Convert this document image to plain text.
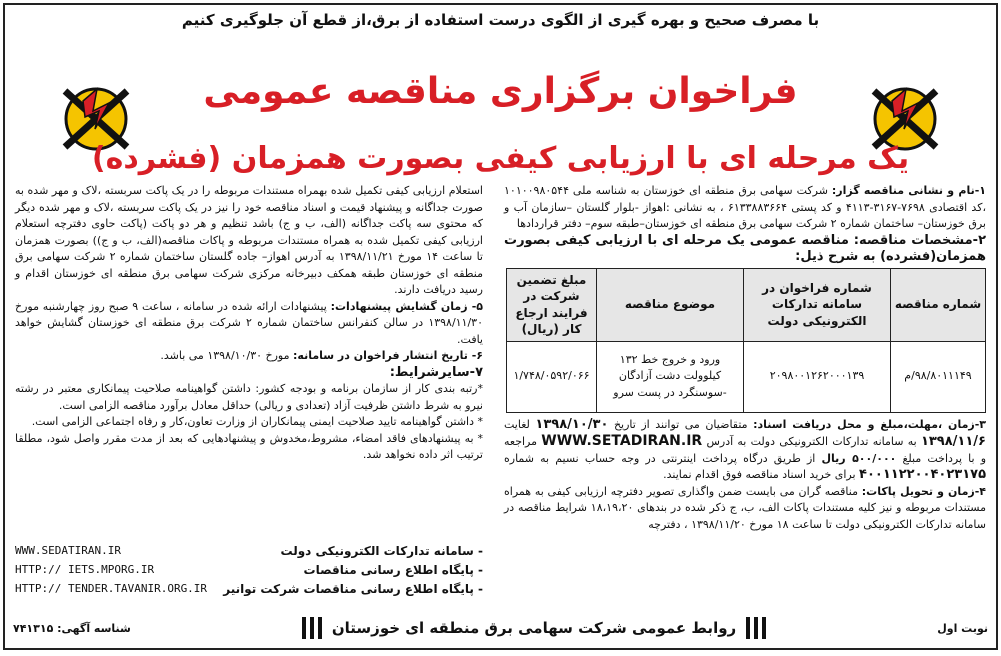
با مصرف صحیح و بهره گیری از الگوی درست استفاده از برق،از قطع آن جلوگیری کنیم
فراخوان برگزاری مناقصه عمومی
یک مرحله ای با ارزیابی کیفی بصورت همزمان (فشرده)

۱-نام و نشانی مناقصه گزار: شرکت سهامی برق منطقه ای خوزستان به شناسه ملی ۱۰۱۰۰۹۸۰۵۴۴ ،کد اقتصادی ۷۶۹۸-۳۱۶۷-۴۱۱۳ و کد پستی ۶۱۳۳۸۸۳۶۶۴ ، به نشانی :اهواز -بلوار گلستان –سازمان آب و برق خوزستان– ساختمان شماره ۲ شرکت سهامی برق منطقه ای خوزستان–طبقه سوم– دفتر قراردادها

۲-مشخصات مناقصه: مناقصه عمومی یک مرحله ای با ارزیابی کیفی بصورت همزمان(فشرده) به شرح ذیل:

شماره مناقصه	شماره فراخوان در سامانه تدارکات الکترونیکی دولت	موضوع مناقصه	مبلغ تضمین شرکت در فرایند ارجاع کار (ریال)
۹۸/۸۰۱۱۱۴۹/م	۲۰۹۸۰۰۱۲۶۲۰۰۰۱۳۹	ورود و خروج خط ۱۳۲ کیلوولت دشت آزادگان -سوسنگرد در پست سرو	۱/۷۴۸/۰۵۹۲/۰۶۶

۳-زمان ،مهلت،مبلغ و محل دریافت اسناد: متقاضیان می توانند از تاریخ ۱۳۹۸/۱۰/۳۰ لغایت ۱۳۹۸/۱۱/۶ به سامانه تدارکات الکترونیکی دولت به آدرس WWW.SETADIRAN.IR مراجعه و با پرداخت مبلغ ۵۰۰/۰۰۰ ریال از طریق درگاه پرداخت اینترنتی در وجه حساب نسیم به شماره ۴۰۰۱۱۲۲۰۰۴۰۲۳۱۷۵ برای خرید اسناد مناقصه فوق اقدام نمایند.

۴-زمان و تحویل پاکات: مناقصه گران می بایست ضمن واگذاری تصویر دفترچه ارزیابی کیفی به همراه مستندات مربوطه و نیز کلیه مستندات پاکات الف، ب، ج ذکر شده در بندهای ۱۸،۱۹،۲۰ شرایط مناقصه در سامانه تدارکات الکترونیکی دولت تا ساعت ۱۸ مورخ ۱۳۹۸/۱۱/۲۰ ، دفترچه

استعلام ارزیابی کیفی تکمیل شده بهمراه مستندات مربوطه را در یک پاکت سربسته ،لاک و مهر شده به صورت جداگانه و پیشنهاد قیمت و اسناد مناقصه خود را نیز در یک پاکت سربسته ،لاک و مهر شده دیگر که محتوی سه پاکت جداگانه (الف، ب و ج) باشد تنظیم و هر دو پاکت (پاکت حاوی دفترچه استعلام ارزیابی کیفی تکمیل شده به همراه مستندات مربوطه و پاکات مناقصه(الف، ب و ج)) بصورت همزمان تا ساعت ۱۴ مورخ ۱۳۹۸/۱۱/۲۱ به آدرس اهواز– جاده گلستان ساختمان شماره ۲ شرکت سهامی برق منطقه ای خوزستان طبقه همکف دبیرخانه مرکزی شرکت سهامی برق منطقه ای خوزستان اقدام و رسید دریافت دارند.

۵- زمان گشایش پیشنهادات: پیشنهادات ارائه شده در سامانه ، ساعت ۹ صبح روز چهارشنبه مورخ ۱۳۹۸/۱۱/۳۰ در سالن کنفرانس ساختمان شماره ۲ شرکت برق منطقه ای خوزستان گشایش خواهد یافت.

۶- تاریخ انتشار فراخوان در سامانه: مورخ ۱۳۹۸/۱۰/۳۰ می باشد.

۷-سایرشرایط:

*رتبه بندی کار از سازمان برنامه و بودجه کشور: داشتن گواهینامه صلاحیت پیمانکاری معتبر در رشته نیرو به شرط داشتن ظرفیت آزاد (تعدادی و ریالی) حداقل معادل برآورد مناقصه الزامی است.

* داشتن گواهینامه تایید صلاحیت ایمنی پیمانکاران از وزارت تعاون،کار و رفاه اجتماعی الزامی است.

* به پیشنهادهای فاقد امضاء، مشروط،مخدوش و پیشنهادهایی که بعد از مدت مقرر واصل شود، مطلقا ترتیب اثر داده نخواهد شد.

WWW.SEDATIRAN.IR	- سامانه تدارکات الکترونیکی دولت
HTTP:// IETS.MPORG.IR	- پایگاه اطلاع رسانی مناقصات
HTTP:// TENDER.TAVANIR.ORG.IR - پایگاه اطلاع رسانی مناقصات شرکت توانیر
شناسه آگهی: ۷۴۱۳۱۵	روابط عمومی شرکت سهامی برق منطقه ای خوزستان	نوبت اول
